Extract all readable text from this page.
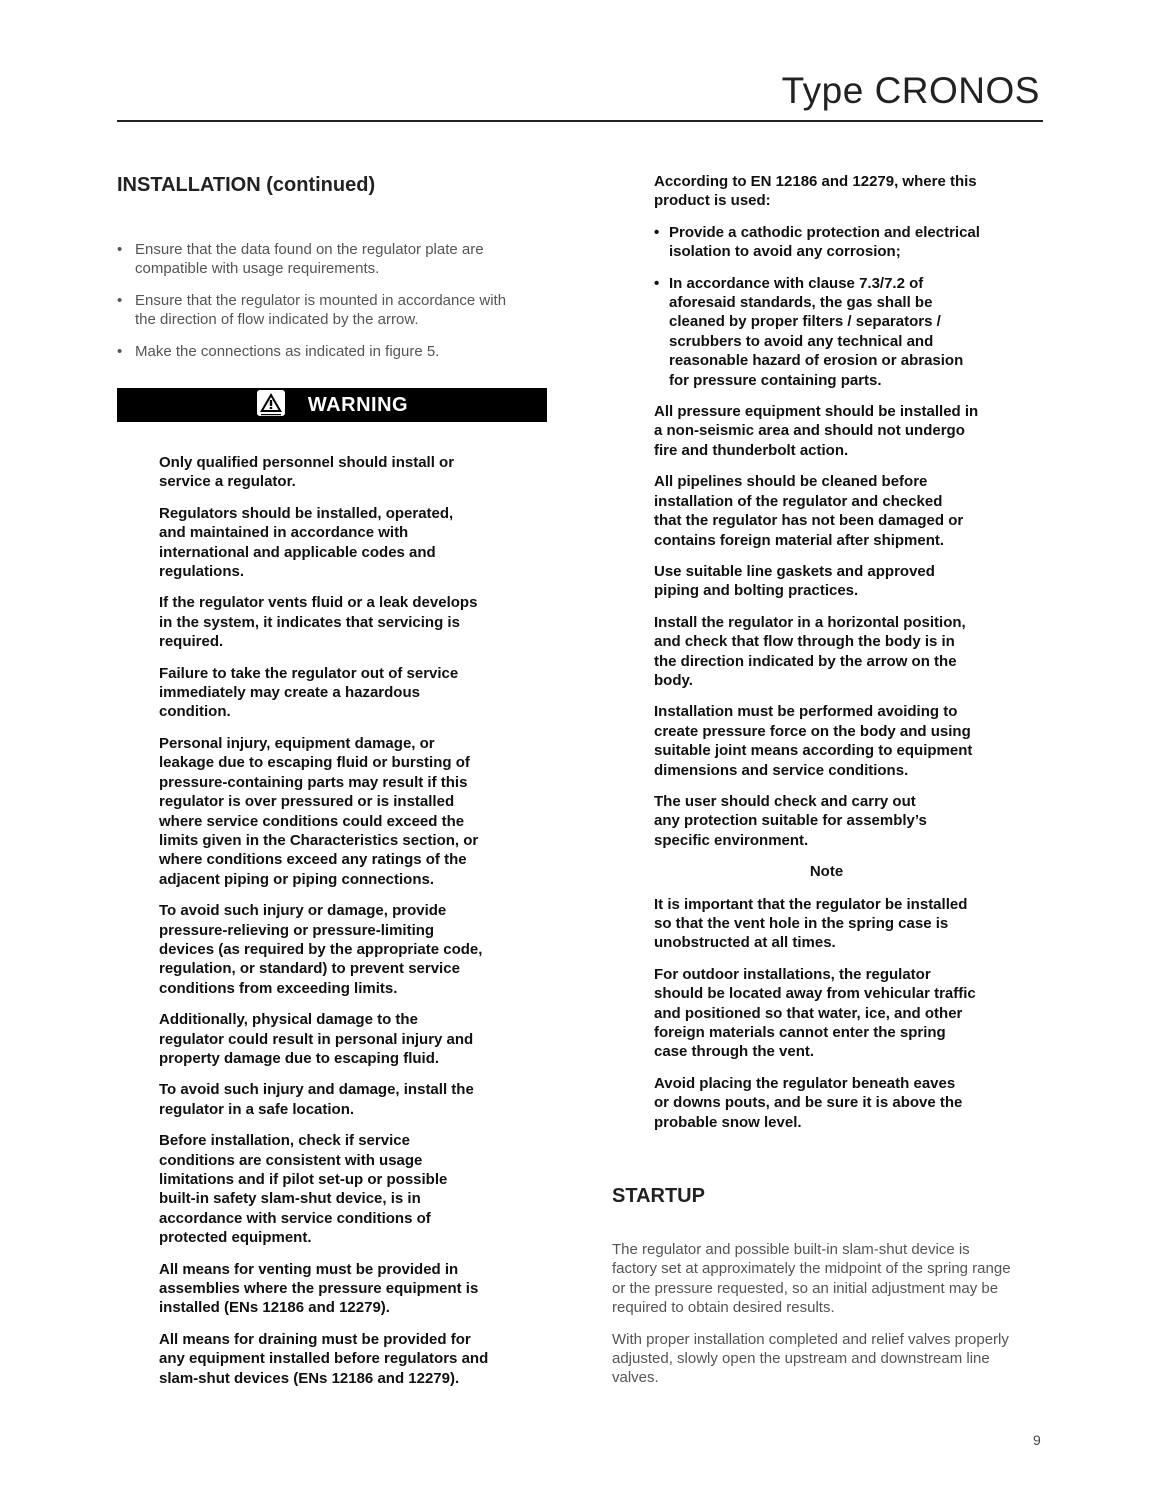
Type CRONOS
INSTALLATION (continued)
• Ensure that the data found on the regulator plate are
compatible with usage requirements.
• Ensure that the regulator is mounted in accordance with
the direction of flow indicated by the arrow.
• Make the connections as indicated in figure 5.
WARNING

Only qualified personnel should install or
service a regulator.

Regulators should be installed, operated,
and maintained in accordance with
international and applicable codes and
regulations.

If the regulator vents fluid or a leak develops
in the system, it indicates that servicing is
required.

Failure to take the regulator out of service
immediately may create a hazardous
condition.

Personal injury, equipment damage, or
leakage due to escaping fluid or bursting of
pressure-containing parts may result if this
regulator is over pressured or is installed
where service conditions could exceed the
limits given in the Characteristics section, or
where conditions exceed any ratings of the
adjacent piping or piping connections.

To avoid such injury or damage, provide
pressure-relieving or pressure-limiting
devices (as required by the appropriate code,
regulation, or standard) to prevent service
conditions from exceeding limits.

Additionally, physical damage to the
regulator could result in personal injury and
property damage due to escaping fluid.

To avoid such injury and damage, install the
regulator in a safe location.

Before installation, check if service
conditions are consistent with usage
limitations and if pilot set-up or possible
built-in safety slam-shut device, is in
accordance with service conditions of
protected equipment.

All means for venting must be provided in
assemblies where the pressure equipment is
installed (ENs 12186 and 12279).

All means for draining must be provided for
any equipment installed before regulators and
slam-shut devices (ENs 12186 and 12279).

According to EN 12186 and 12279, where this
product is used:

• Provide a cathodic protection and electrical
isolation to avoid any corrosion;
• In accordance with clause 7.3/7.2 of
aforesaid standards, the gas shall be
cleaned by proper filters / separators /
scrubbers to avoid any technical and
reasonable hazard of erosion or abrasion
for pressure containing parts.

All pressure equipment should be installed in
a non-seismic area and should not undergo
fire and thunderbolt action.

All pipelines should be cleaned before
installation of the regulator and checked
that the regulator has not been damaged or
contains foreign material after shipment.

Use suitable line gaskets and approved
piping and bolting practices.

Install the regulator in a horizontal position,
and check that flow through the body is in
the direction indicated by the arrow on the
body.

Installation must be performed avoiding to
create pressure force on the body and using
suitable joint means according to equipment
dimensions and service conditions.

The user should check and carry out
any protection suitable for assembly’s
specific environment.

Note

It is important that the regulator be installed
so that the vent hole in the spring case is
unobstructed at all times.

For outdoor installations, the regulator
should be located away from vehicular traffic
and positioned so that water, ice, and other
foreign materials cannot enter the spring
case through the vent.

Avoid placing the regulator beneath eaves
or downs pouts, and be sure it is above the
probable snow level.

STARTUP

The regulator and possible built-in slam-shut device is
factory set at approximately the midpoint of the spring range
or the pressure requested, so an initial adjustment may be
required to obtain desired results.

With proper installation completed and relief valves properly
adjusted, slowly open the upstream and downstream line
valves.

9
